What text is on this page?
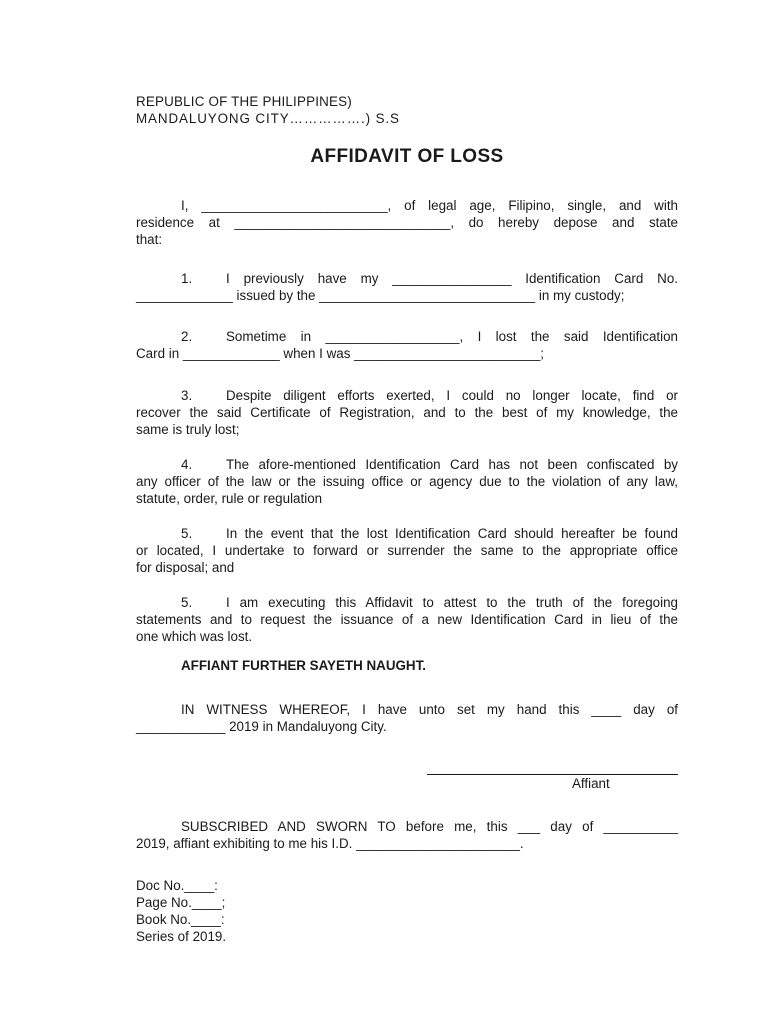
REPUBLIC OF THE PHILIPPINES)
MANDALUYONG CITY…………….) S.S
AFFIDAVIT OF LOSS
I, _________________________, of legal age, Filipino, single, and with
residence at _____________________________, do hereby depose and state
that:
1.	I previously have my ________________ Identification Card No.
_____________ issued by the _____________________________ in my custody;
2.	Sometime in __________________, I lost the said Identification
Card in _____________ when I was _________________________;
3.	Despite diligent efforts exerted, I could no longer locate, find or
recover the said Certificate of Registration, and to the best of my knowledge, the
same is truly lost;
4.	The afore-mentioned Identification Card has not been confiscated by
any officer of the law or the issuing office or agency due to the violation of any law,
statute, order, rule or regulation
5.	In the event that the lost Identification Card should hereafter be found
or located, I undertake to forward or surrender the same to the appropriate office
for disposal; and
5.	I am executing this Affidavit to attest to the truth of the foregoing
statements and to request the issuance of a new Identification Card in lieu of the
one which was lost.
AFFIANT FURTHER SAYETH NAUGHT.
IN WITNESS WHEREOF, I have unto set my hand this ____ day of
____________ 2019 in Mandaluyong City.
Affiant
SUBSCRIBED AND SWORN TO before me, this ___ day of __________
2019, affiant exhibiting to me his I.D. ______________________.
Doc No.____:
Page No.____;
Book No.____:
Series of 2019.
